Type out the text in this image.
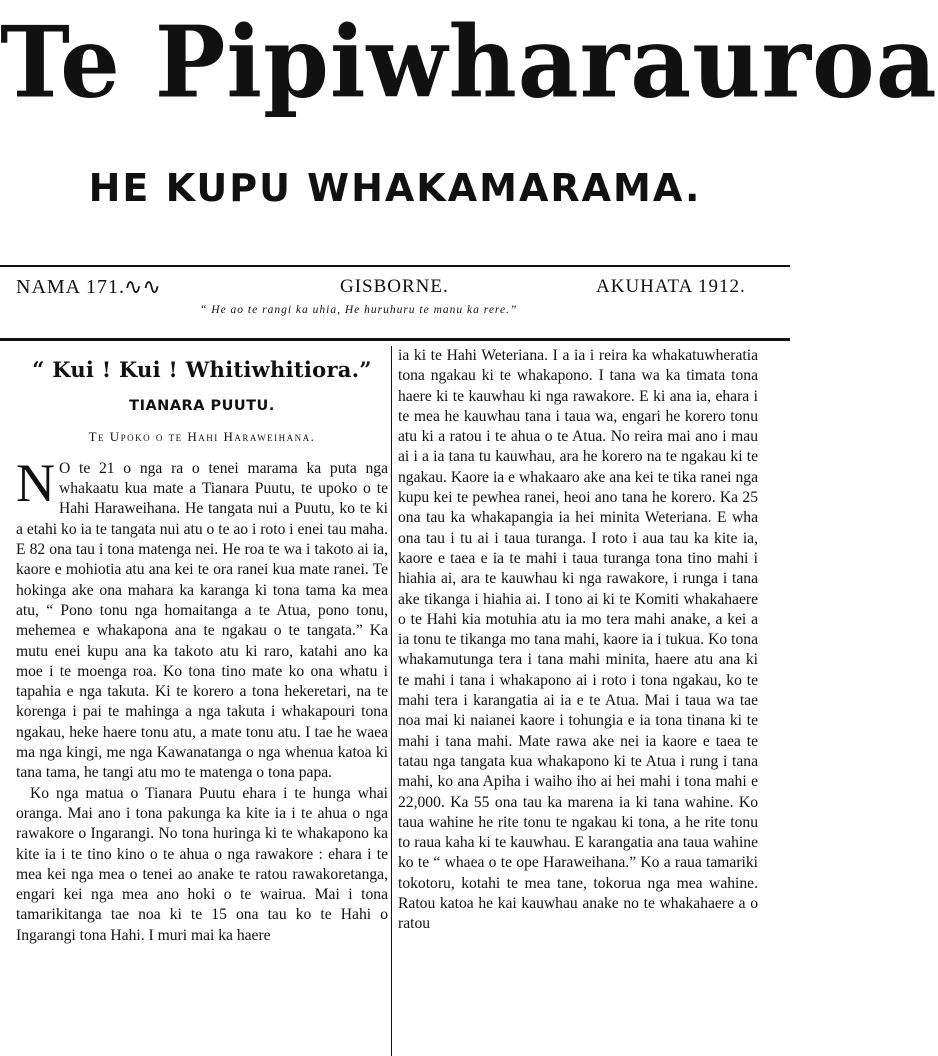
Te Pipiwharauroa
HE KUPU WHAKAMARAMA.
NAMA 171.
∿∿	GISBORNE.	AKUHATA 1912.
“ He ao te rangi ka uhia, He huruhuru te manu ka rere.”
“ Kui ! Kui ! Whitiwhitiora.”
TIANARA PUUTU.
Te Upoko o te Hahi Haraweihana.

N O te 21 o nga ra o tenei marama ka puta nga whakaatu kua mate a Tianara Puutu, te upoko o te Hahi Haraweihana. He tangata nui a Puutu, ko te ki a etahi ko ia te tangata nui atu o te ao i roto i enei tau maha. E 82 ona tau i tona matenga nei. He roa te wa i takoto ai ia, kaore e mohiotia atu ana kei te ora ranei kua mate ranei. Te hokinga ake ona mahara ka karanga ki tona tama ka mea atu, “ Pono tonu nga homaitanga a te Atua, pono tonu, mehemea e whakapona ana te ngakau o te tangata.” Ka mutu enei kupu ana ka takoto atu ki raro, katahi ano ka moe i te moenga roa. Ko tona tino mate ko ona whatu i tapahia e nga takuta. Ki te korero a tona hekeretari, na te korenga i pai te mahinga a nga takuta i whakapouri tona ngakau, heke haere tonu atu, a mate tonu atu. I tae he waea ma nga kingi, me nga Kawanatanga o nga whenua katoa ki tana tama, he tangi atu mo te matenga o tona papa.

Ko nga matua o Tianara Puutu ehara i te hunga whai oranga. Mai ano i tona pakunga ka kite ia i te ahua o nga rawakore o Ingarangi. No tona huringa ki te whakapono ka kite ia i te tino kino o te ahua o nga rawakore : ehara i te mea kei nga mea o tenei ao anake te ratou rawakoretanga, engari kei nga mea ano hoki o te wairua. Mai i tona tamarikitanga tae noa ki te 15 ona tau ko te Hahi o Ingarangi tona Hahi. I muri mai ka haere

ia ki te Hahi Weteriana. I a ia i reira ka whakatuwheratia tona ngakau ki te whakapono. I tana wa ka timata tona haere ki te kauwhau ki nga rawakore. E ki ana ia, ehara i te mea he kauwhau tana i taua wa, engari he korero tonu atu ki a ratou i te ahua o te Atua. No reira mai ano i mau ai i a ia tana tu kauwhau, ara he korero na te ngakau ki te ngakau. Kaore ia e whakaaro ake ana kei te tika ranei nga kupu kei te pewhea ranei, heoi ano tana he korero. Ka 25 ona tau ka whakapangia ia hei minita Weteriana. E wha ona tau i tu ai i taua turanga. I roto i aua tau ka kite ia, kaore e taea e ia te mahi i taua turanga tona tino mahi i hiahia ai, ara te kauwhau ki nga rawakore, i runga i tana ake tikanga i hiahia ai. I tono ai ki te Komiti whakahaere o te Hahi kia motuhia atu ia mo tera mahi anake, a kei a ia tonu te tikanga mo tana mahi, kaore ia i tukua. Ko tona whakamutunga tera i tana mahi minita, haere atu ana ki te mahi i tana i whakapono ai i roto i tona ngakau, ko te mahi tera i karangatia ai ia e te Atua. Mai i taua wa tae noa mai ki naianei kaore i tohungia e ia tona tinana ki te mahi i tana mahi. Mate rawa ake nei ia kaore e taea te tatau nga tangata kua whakapono ki te Atua i rung i tana mahi, ko ana Apiha i waiho iho ai hei mahi i tona mahi e 22,000. Ka 55 ona tau ka marena ia ki tana wahine. Ko taua wahine he rite tonu te ngakau ki tona, a he rite tonu to raua kaha ki te kauwhau. E karangatia ana taua wahine ko te “ whaea o te ope Haraweihana.” Ko a raua tamariki tokotoru, kotahi te mea tane, tokorua nga mea wahine. Ratou katoa he kai kauwhau anake no te whakahaere a o ratou
